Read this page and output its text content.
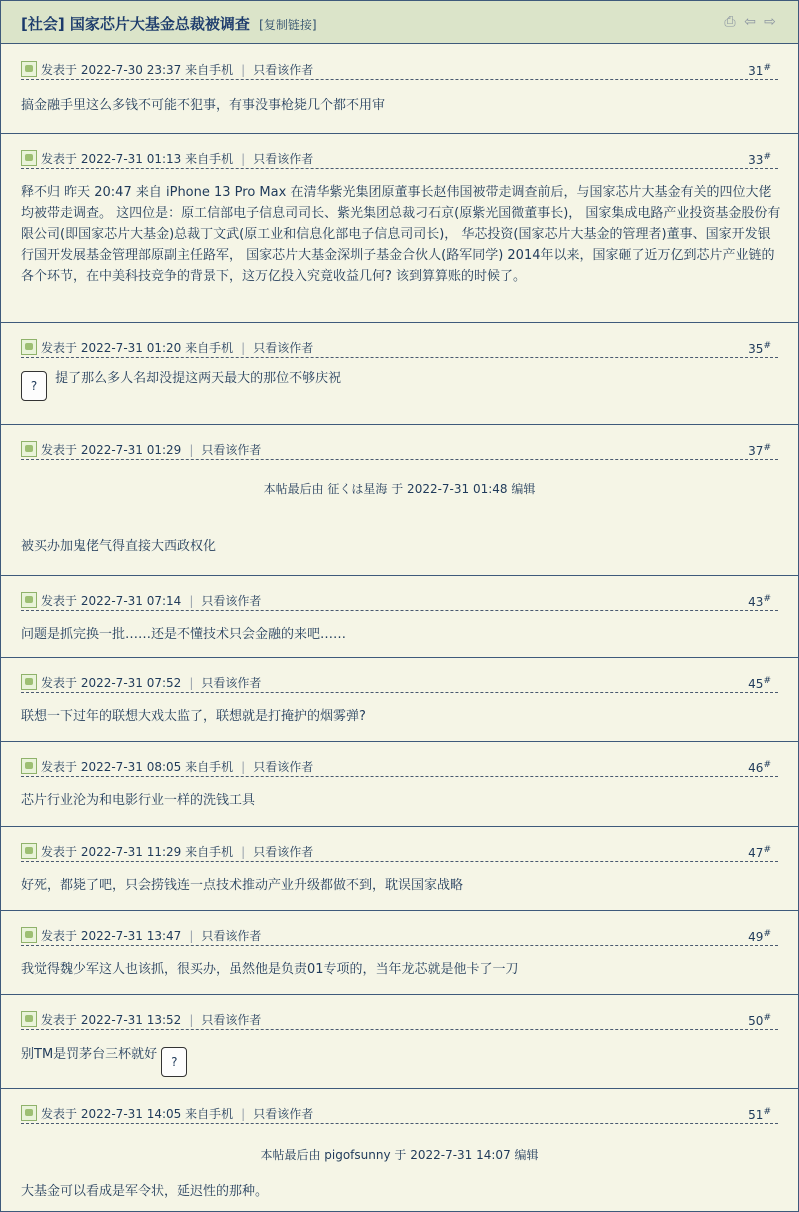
[社会] 国家芯片大基金总裁被调查 [复制链接]	⎙ ⇦ ⇨
发表于 2022-7-30 23:37 来自手机 | 只看该作者	31#
搞金融手里这么多钱不可能不犯事，有事没事枪毙几个都不用审
发表于 2022-7-31 01:13 来自手机 | 只看该作者	33#
释不归 昨天 20:47 来自 iPhone 13 Pro Max 在清华紫光集团原董事长赵伟国被带走调查前后，与国家芯片大基金有关的四位大佬均被带走调查。 这四位是：原工信部电子信息司司长、紫光集团总裁刁石京(原紫光国微董事长)， 国家集成电路产业投资基金股份有限公司(即国家芯片大基金)总裁丁文武(原工业和信息化部电子信息司司长)， 华芯投资(国家芯片大基金的管理者)董事、国家开发银行国开发展基金管理部原副主任路军， 国家芯片大基金深圳子基金合伙人(路军同学) 2014年以来，国家砸了近万亿到芯片产业链的各个环节，在中美科技竞争的背景下，这万亿投入究竟收益几何? 该到算算账的时候了。
发表于 2022-7-31 01:20 来自手机 | 只看该作者	35#
? 提了那么多人名却没提这两天最大的那位不够庆祝
发表于 2022-7-31 01:29 | 只看该作者	37#
本帖最后由 征くは星海 于 2022-7-31 01:48 编辑
被买办加鬼佬气得直接大西政权化
发表于 2022-7-31 07:14 | 只看该作者	43#
问题是抓完换一批……还是不懂技术只会金融的来吧……
发表于 2022-7-31 07:52 | 只看该作者	45#
联想一下过年的联想大戏太监了，联想就是打掩护的烟雾弹?
发表于 2022-7-31 08:05 来自手机 | 只看该作者	46#
芯片行业沦为和电影行业一样的洗钱工具
发表于 2022-7-31 11:29 来自手机 | 只看该作者	47#
好死，都毙了吧，只会捞钱连一点技术推动产业升级都做不到，耽误国家战略
发表于 2022-7-31 13:47 | 只看该作者	49#
我觉得魏少军这人也该抓，很买办，虽然他是负责01专项的，当年龙芯就是他卡了一刀
发表于 2022-7-31 13:52 | 只看该作者	50#
别TM是罚茅台三杯就好 ?
发表于 2022-7-31 14:05 来自手机 | 只看该作者	51#
本帖最后由 pigofsunny 于 2022-7-31 14:07 编辑
大基金可以看成是军令状，延迟性的那种。
